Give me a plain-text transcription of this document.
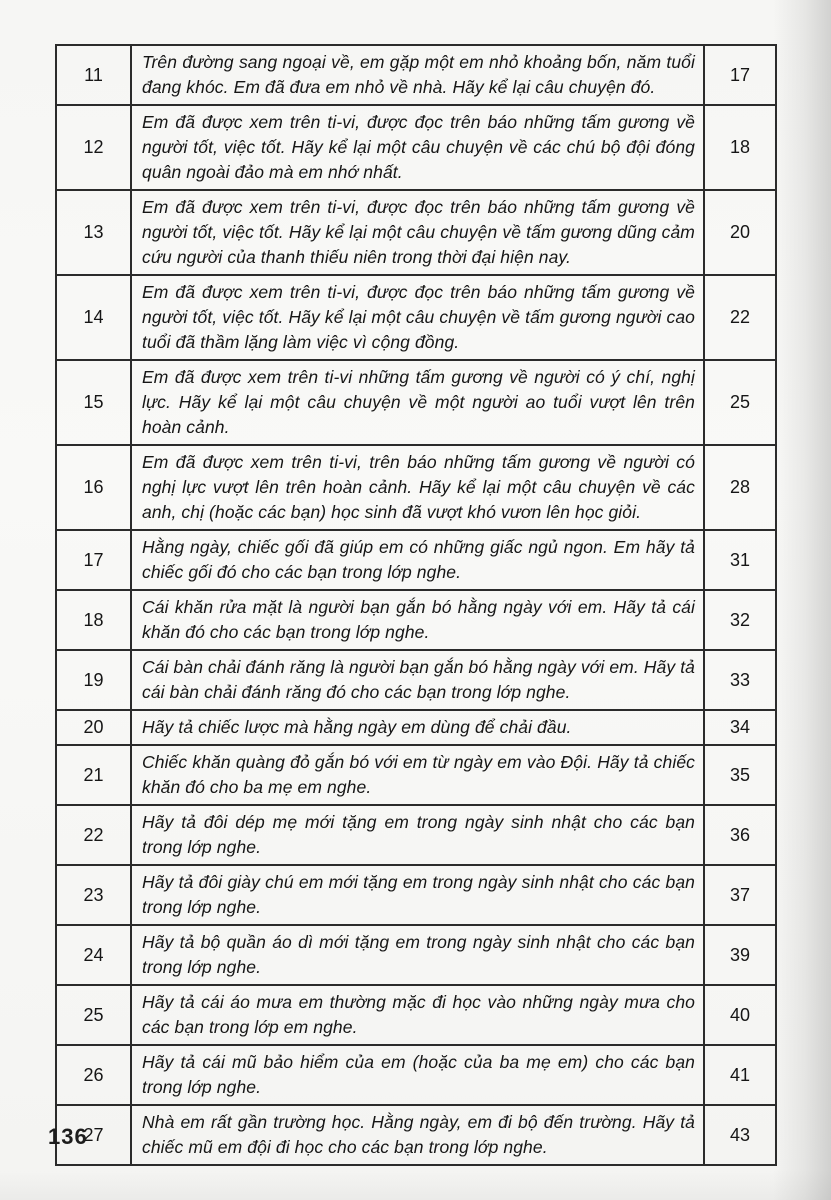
11	Trên đường sang ngoại về, em gặp một em nhỏ khoảng bốn, năm tuổi đang khóc. Em đã đưa em nhỏ về nhà. Hãy kể lại câu chuyện đó.	17
12	Em đã được xem trên ti-vi, được đọc trên báo những tấm gương về người tốt, việc tốt. Hãy kể lại một câu chuyện về các chú bộ đội đóng quân ngoài đảo mà em nhớ nhất.	18
13	Em đã được xem trên ti-vi, được đọc trên báo những tấm gương về người tốt, việc tốt. Hãy kể lại một câu chuyện về tấm gương dũng cảm cứu người của thanh thiếu niên trong thời đại hiện nay.	20
14	Em đã được xem trên ti-vi, được đọc trên báo những tấm gương về người tốt, việc tốt. Hãy kể lại một câu chuyện về tấm gương người cao tuổi đã thầm lặng làm việc vì cộng đồng.	22
15	Em đã được xem trên ti-vi những tấm gương về người có ý chí, nghị lực. Hãy kể lại một câu chuyện về một người ao tuổi vượt lên trên hoàn cảnh.	25
16	Em đã được xem trên ti-vi, trên báo những tấm gương về người có nghị lực vượt lên trên hoàn cảnh. Hãy kể lại một câu chuyện về các anh, chị (hoặc các bạn) học sinh đã vượt khó vươn lên học giỏi.	28
17	Hằng ngày, chiếc gối đã giúp em có những giấc ngủ ngon. Em hãy tả chiếc gối đó cho các bạn trong lớp nghe.	31
18	Cái khăn rửa mặt là người bạn gắn bó hằng ngày với em. Hãy tả cái khăn đó cho các bạn trong lớp nghe.	32
19	Cái bàn chải đánh răng là người bạn gắn bó hằng ngày với em. Hãy tả cái bàn chải đánh răng đó cho các bạn trong lớp nghe.	33
20	Hãy tả chiếc lược mà hằng ngày em dùng để chải đầu.	34
21	Chiếc khăn quàng đỏ gắn bó với em từ ngày em vào Đội. Hãy tả chiếc khăn đó cho ba mẹ em nghe.	35
22	Hãy tả đôi dép mẹ mới tặng em trong ngày sinh nhật cho các bạn trong lớp nghe.	36
23	Hãy tả đôi giày chú em mới tặng em trong ngày sinh nhật cho các bạn trong lớp nghe.	37
24	Hãy tả bộ quần áo dì mới tặng em trong ngày sinh nhật cho các bạn trong lớp nghe.	39
25	Hãy tả cái áo mưa em thường mặc đi học vào những ngày mưa cho các bạn trong lớp em nghe.	40
26	Hãy tả cái mũ bảo hiểm của em (hoặc của ba mẹ em) cho các bạn trong lớp nghe.	41
27	Nhà em rất gần trường học. Hằng ngày, em đi bộ đến trường. Hãy tả chiếc mũ em đội đi học cho các bạn trong lớp nghe.	43
136
